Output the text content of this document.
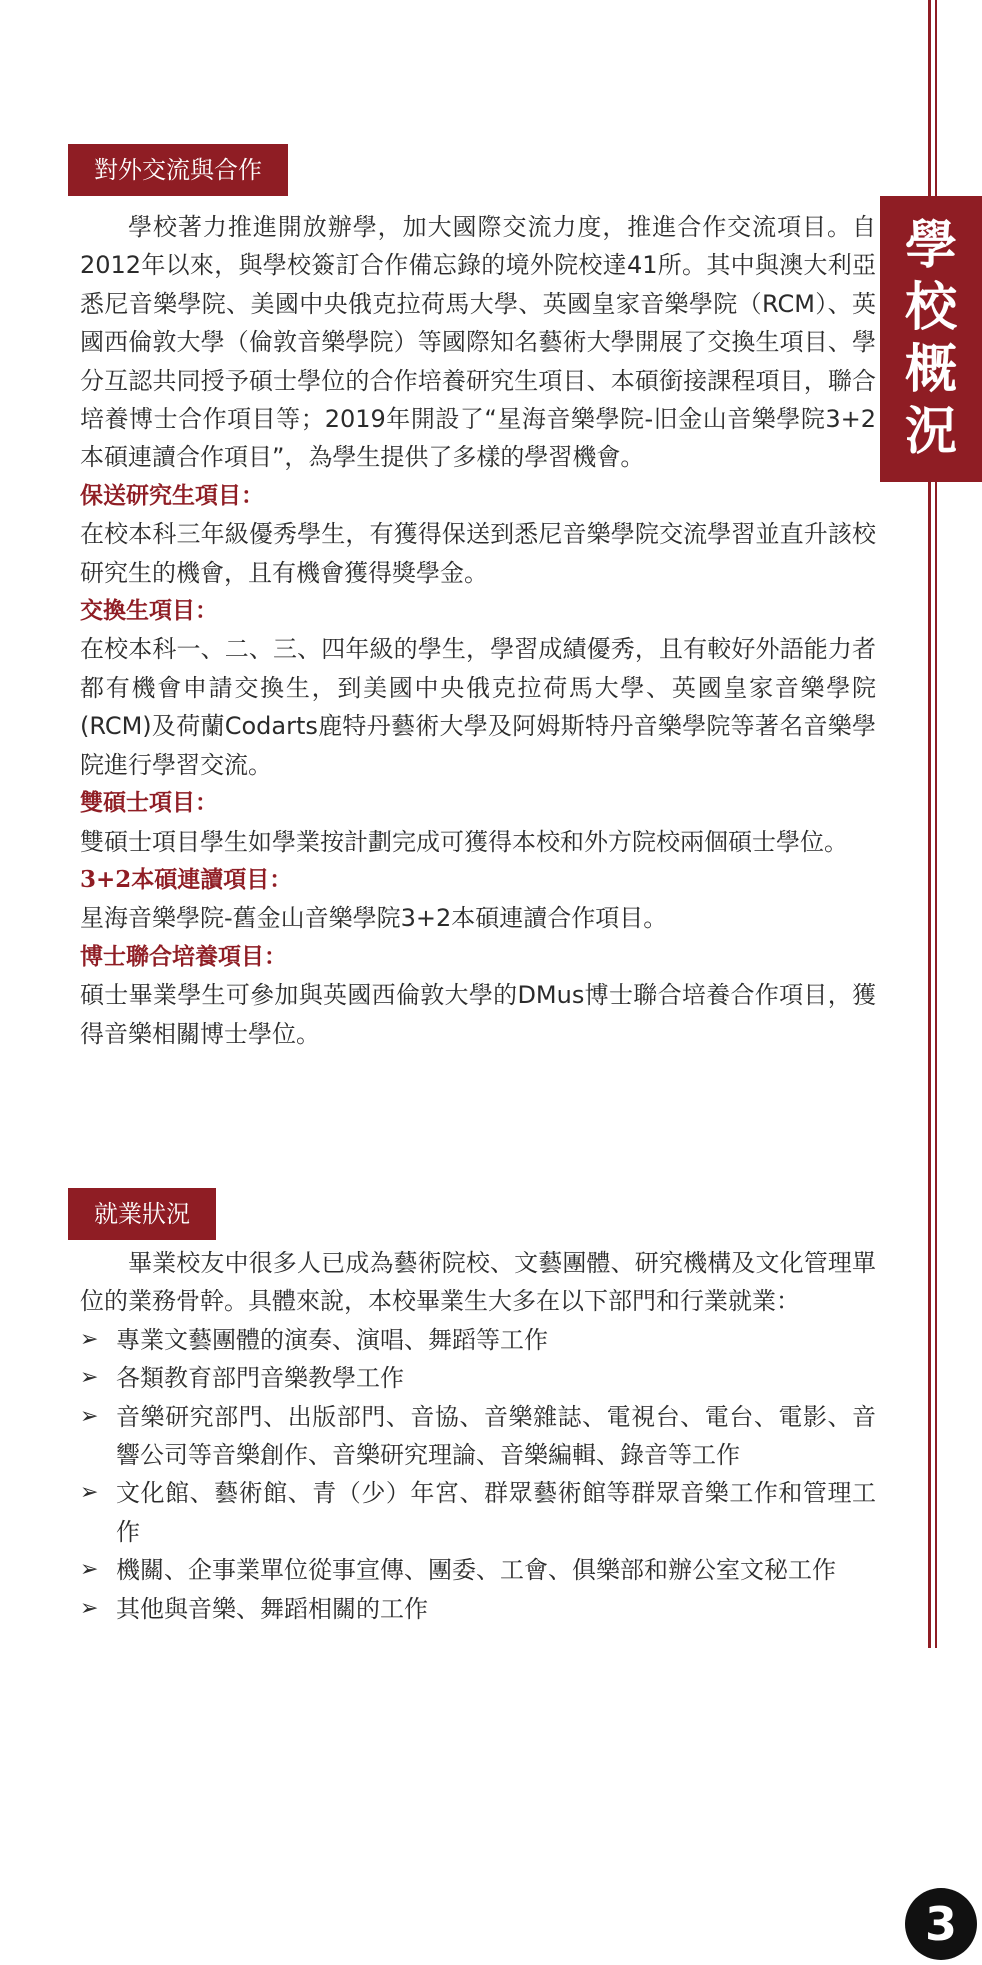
學
校
概
況
對外交流與合作

學校著力推進開放辦學，加大國際交流力度，推進合作交流項目。自2012年以來，與學校簽訂合作備忘錄的境外院校達41所。其中與澳大利亞悉尼音樂學院、美國中央俄克拉荷馬大學、英國皇家音樂學院（RCM）、英國西倫敦大學（倫敦音樂學院）等國際知名藝術大學開展了交換生項目、學分互認共同授予碩士學位的合作培養研究生項目、本碩銜接課程項目，聯合培養博士合作項目等；2019年開設了“星海音樂學院-旧金山音樂學院3+2本碩連讀合作項目”，為學生提供了多樣的學習機會。

保送研究生項目：

在校本科三年級優秀學生，有獲得保送到悉尼音樂學院交流學習並直升該校研究生的機會，且有機會獲得獎學金。

交換生項目：

在校本科一、二、三、四年級的學生，學習成績優秀，且有較好外語能力者都有機會申請交換生，到美國中央俄克拉荷馬大學、英國皇家音樂學院(RCM)及荷蘭Codarts鹿特丹藝術大學及阿姆斯特丹音樂學院等著名音樂學院進行學習交流。

雙碩士項目：

雙碩士項目學生如學業按計劃完成可獲得本校和外方院校兩個碩士學位。

3+2本碩連讀項目：

星海音樂學院-舊金山音樂學院3+2本碩連讀合作項目。

博士聯合培養項目：

碩士畢業學生可參加與英國西倫敦大學的DMus博士聯合培養合作項目，獲得音樂相關博士學位。

就業狀況

畢業校友中很多人已成為藝術院校、文藝團體、研究機構及文化管理單位的業務骨幹。具體來說，本校畢業生大多在以下部門和行業就業：

➢ 專業文藝團體的演奏、演唱、舞蹈等工作
➢ 各類教育部門音樂教學工作
➢ 音樂研究部門、出版部門、音協、音樂雜誌、電視台、電台、電影、音響公司等音樂創作、音樂研究理論、音樂編輯、錄音等工作
➢ 文化館、藝術館、青（少）年宮、群眾藝術館等群眾音樂工作和管理工作
➢ 機關、企事業單位從事宣傳、團委、工會、俱樂部和辦公室文秘工作
➢ 其他與音樂、舞蹈相關的工作
3
